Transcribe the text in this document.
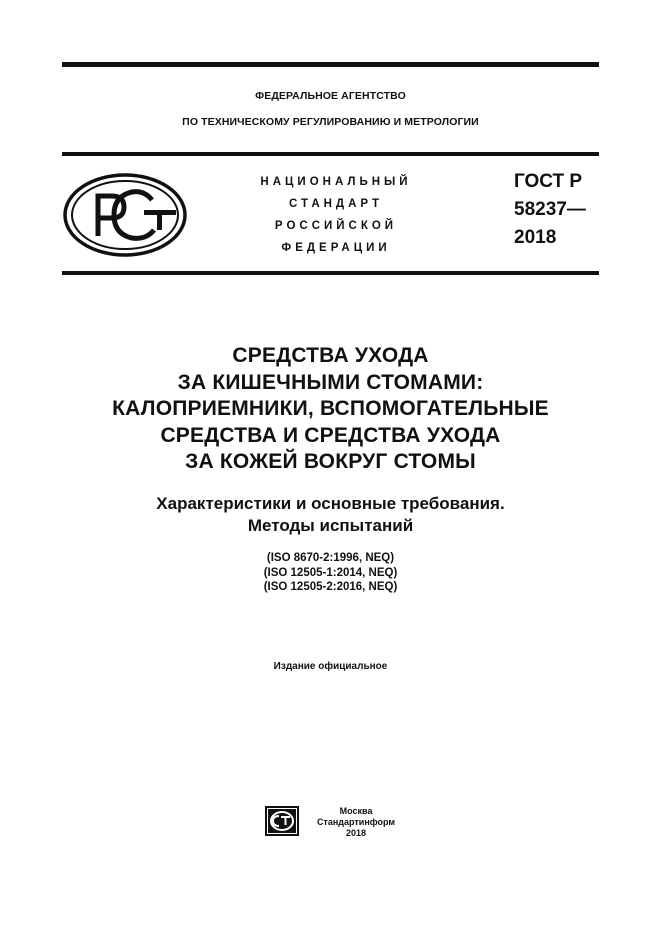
ФЕДЕРАЛЬНОЕ АГЕНТСТВО
ПО ТЕХНИЧЕСКОМУ РЕГУЛИРОВАНИЮ И МЕТРОЛОГИИ
НАЦИОНАЛЬНЫЙ
СТАНДАРТ
РОССИЙСКОЙ
ФЕДЕРАЦИИ
ГОСТ Р
58237—
2018
СРЕДСТВА УХОДА
ЗА КИШЕЧНЫМИ СТОМАМИ:
КАЛОПРИЕМНИКИ, ВСПОМОГАТЕЛЬНЫЕ
СРЕДСТВА И СРЕДСТВА УХОДА
ЗА КОЖЕЙ ВОКРУГ СТОМЫ
Характеристики и основные требования.
Методы испытаний
(ISO 8670-2:1996, NEQ)
(ISO 12505-1:2014, NEQ)
(ISO 12505-2:2016, NEQ)
Издание официальное
Москва
Стандартинформ
2018
